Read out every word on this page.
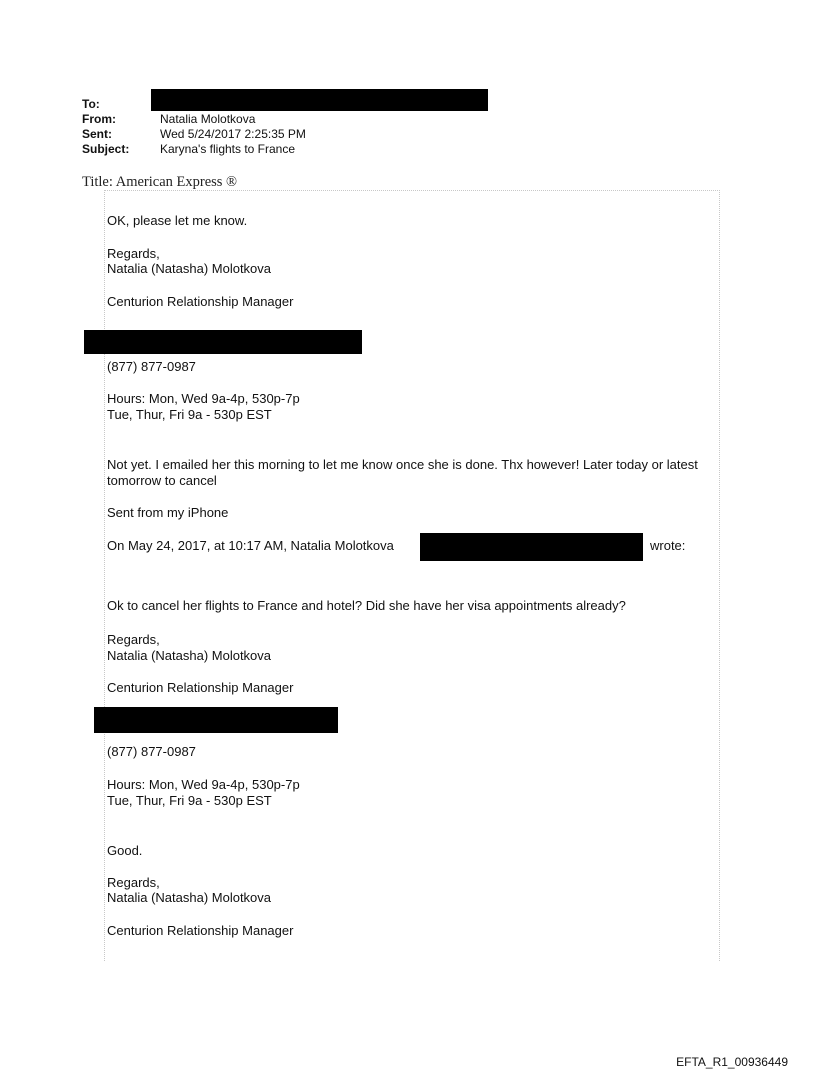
To:
From:	Natalia Molotkova
Sent:	Wed 5/24/2017 2:25:35 PM
Subject:	Karyna's flights to France
Title: American Express ®
OK, please let me know.
Regards,
Natalia (Natasha) Molotkova
Centurion Relationship Manager
(877) 877-0987
Hours: Mon, Wed 9a-4p, 530p-7p
Tue, Thur, Fri 9a - 530p EST
Not yet. I emailed her this morning to let me know once she is done. Thx however! Later today or latest tomorrow to cancel
Sent from my iPhone
On May 24, 2017, at 10:17 AM, Natalia Molotkova	wrote:
Ok to cancel her flights to France and hotel? Did she have her visa appointments already?
Regards,
Natalia (Natasha) Molotkova
Centurion Relationship Manager
(877) 877-0987
Hours: Mon, Wed 9a-4p, 530p-7p
Tue, Thur, Fri 9a - 530p EST
Good.
Regards,
Natalia (Natasha) Molotkova
Centurion Relationship Manager
EFTA_R1_00936449
